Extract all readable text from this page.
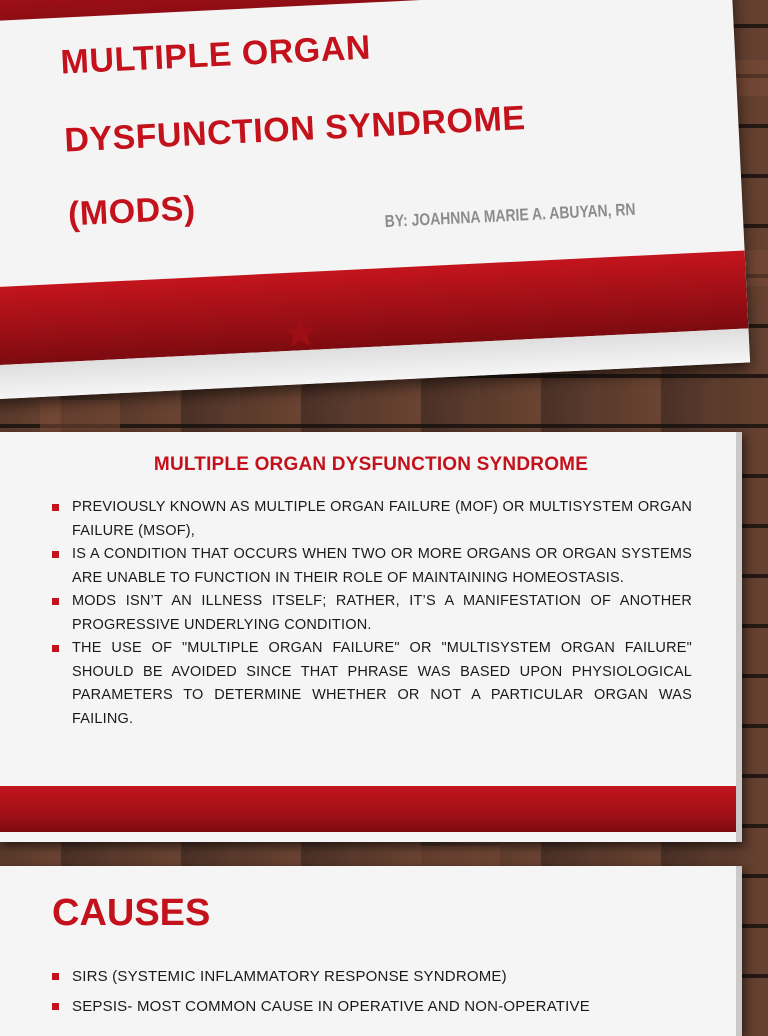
MULTIPLE ORGAN
DYSFUNCTION SYNDROME
(MODS)	BY: JOAHNNA MARIE A. ABUYAN, RN

MULTIPLE ORGAN DYSFUNCTION SYNDROME
PREVIOUSLY KNOWN AS MULTIPLE ORGAN FAILURE (MOF) OR MULTISYSTEM ORGAN FAILURE (MSOF),
IS A CONDITION THAT OCCURS WHEN TWO OR MORE ORGANS OR ORGAN SYSTEMS ARE UNABLE TO FUNCTION IN THEIR ROLE OF MAINTAINING HOMEOSTASIS.
MODS ISN’T AN ILLNESS ITSELF; RATHER, IT’S A MANIFESTATION OF ANOTHER PROGRESSIVE UNDERLYING CONDITION.
THE USE OF "MULTIPLE ORGAN FAILURE" OR "MULTISYSTEM ORGAN FAILURE" SHOULD BE AVOIDED SINCE THAT PHRASE WAS BASED UPON PHYSIOLOGICAL PARAMETERS TO DETERMINE WHETHER OR NOT A PARTICULAR ORGAN WAS FAILING.
CAUSES
SIRS (SYSTEMIC INFLAMMATORY RESPONSE SYNDROME)
SEPSIS- MOST COMMON CAUSE IN OPERATIVE AND NON-OPERATIVE
